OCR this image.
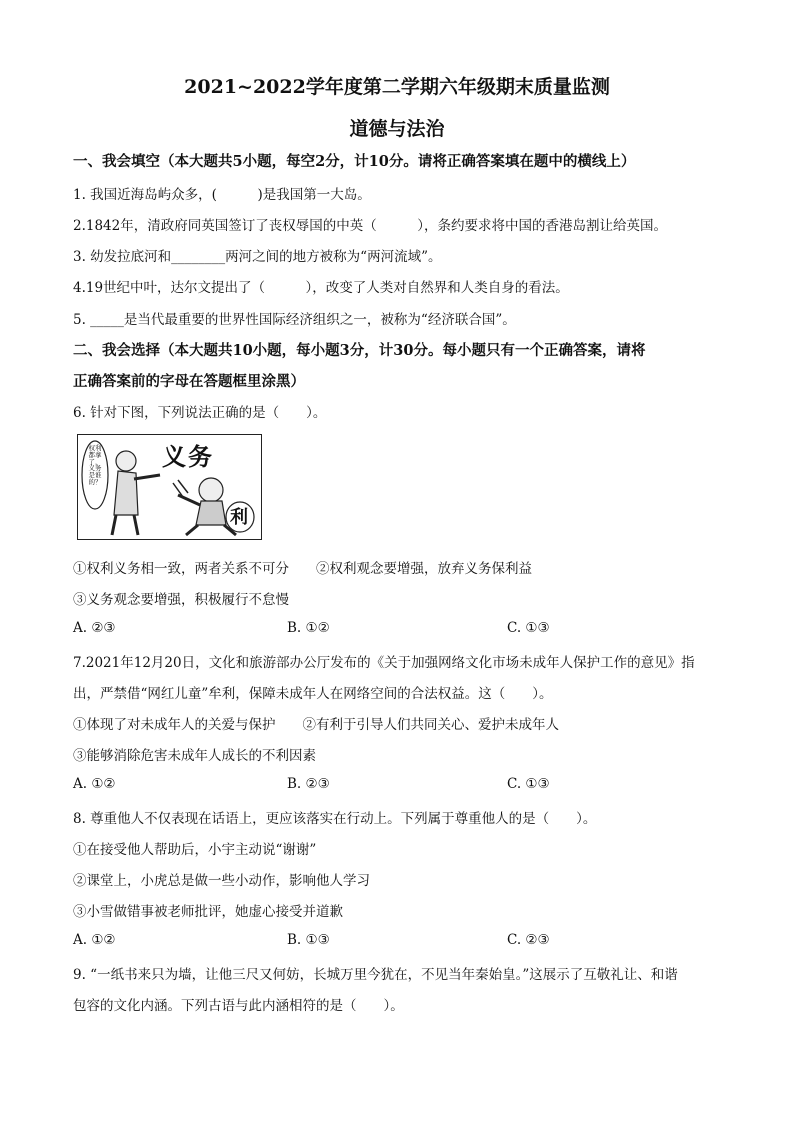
2021~2022学年度第二学期六年级期末质量监测
道德与法治
一、我会填空（本大题共5小题，每空2分，计10分。请将正确答案填在题中的横线上）
1. 我国近海岛屿众多，(　　　)是我国第一大岛。
2.1842年，清政府同英国签订了丧权辱国的中英（　　　），条约要求将中国的香港岛割让给英国。
3. 幼发拉底河和________两河之间的地方被称为“两河流域”。
4.19世纪中叶，达尔文提出了（　　　），改变了人类对自然界和人类自身的看法。
5. _____是当代最重要的世界性国际经济组织之一，被称为“经济联合国”。
二、我会选择（本大题共10小题，每小题3分，计30分。每小题只有一个正确答案，请将
正确答案前的字母在答题框里涂黑）
6. 针对下图，下列说法正确的是（　　）。
权利都拿了，义务是谁的？
义务
利
①权利义务相一致，两者关系不可分　　②权利观念要增强，放弃义务保利益
③义务观念要增强，积极履行不怠慢
A. ②③	B. ①②	C. ①③
7.2021年12月20日，文化和旅游部办公厅发布的《关于加强网络文化市场未成年人保护工作的意见》指
出，严禁借“网红儿童”牟利，保障未成年人在网络空间的合法权益。这（　　）。
①体现了对未成年人的关爱与保护　　②有利于引导人们共同关心、爱护未成年人
③能够消除危害未成年人成长的不利因素
A. ①②	B. ②③	C. ①③
8. 尊重他人不仅表现在话语上，更应该落实在行动上。下列属于尊重他人的是（　　）。
①在接受他人帮助后，小宇主动说“谢谢”
②课堂上，小虎总是做一些小动作，影响他人学习
③小雪做错事被老师批评，她虚心接受并道歉
A. ①②	B. ①③	C. ②③
9. “一纸书来只为墙，让他三尺又何妨，长城万里今犹在，不见当年秦始皇。”这展示了互敬礼让、和谐
包容的文化内涵。下列古语与此内涵相符的是（　　）。
